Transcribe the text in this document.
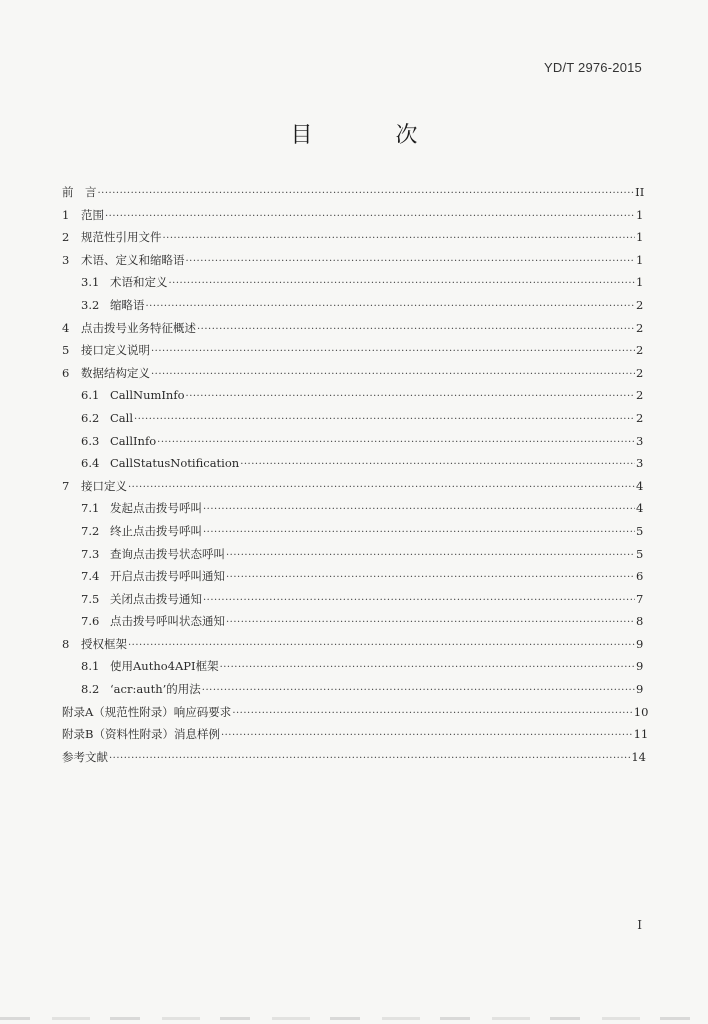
YD/T 2976-2015
目 次
前　言 ·····	II
1 范围 ·····	1
2 规范性引用文件 ·····	1
3 术语、定义和缩略语 ·····	1
3.1 术语和定义 ·····	1
3.2 缩略语 ·····	2
4 点击拨号业务特征概述 ·····	2
5 接口定义说明 ·····	2
6 数据结构定义 ·····	2
6.1 CallNumInfo ·····	2
6.2 Call ·····	2
6.3 CallInfo ·····	3
6.4 CallStatusNotification ·····	3
7 接口定义 ·····	4
7.1 发起点击拨号呼叫 ·····	4
7.2 终止点击拨号呼叫 ·····	5
7.3 查询点击拨号状态呼叫 ·····	5
7.4 开启点击拨号呼叫通知 ·····	6
7.5 关闭点击拨号通知 ·····	7
7.6 点击拨号呼叫状态通知 ·····	8
8 授权框架 ·····	9
8.1 使用Autho4API框架 ·····	9
8.2 ‘acr:auth’的用法 ·····	9
附录A（规范性附录）响应码要求 ·····	10
附录B（资料性附录）消息样例 ·····	11
参考文献 ·····	14
I
